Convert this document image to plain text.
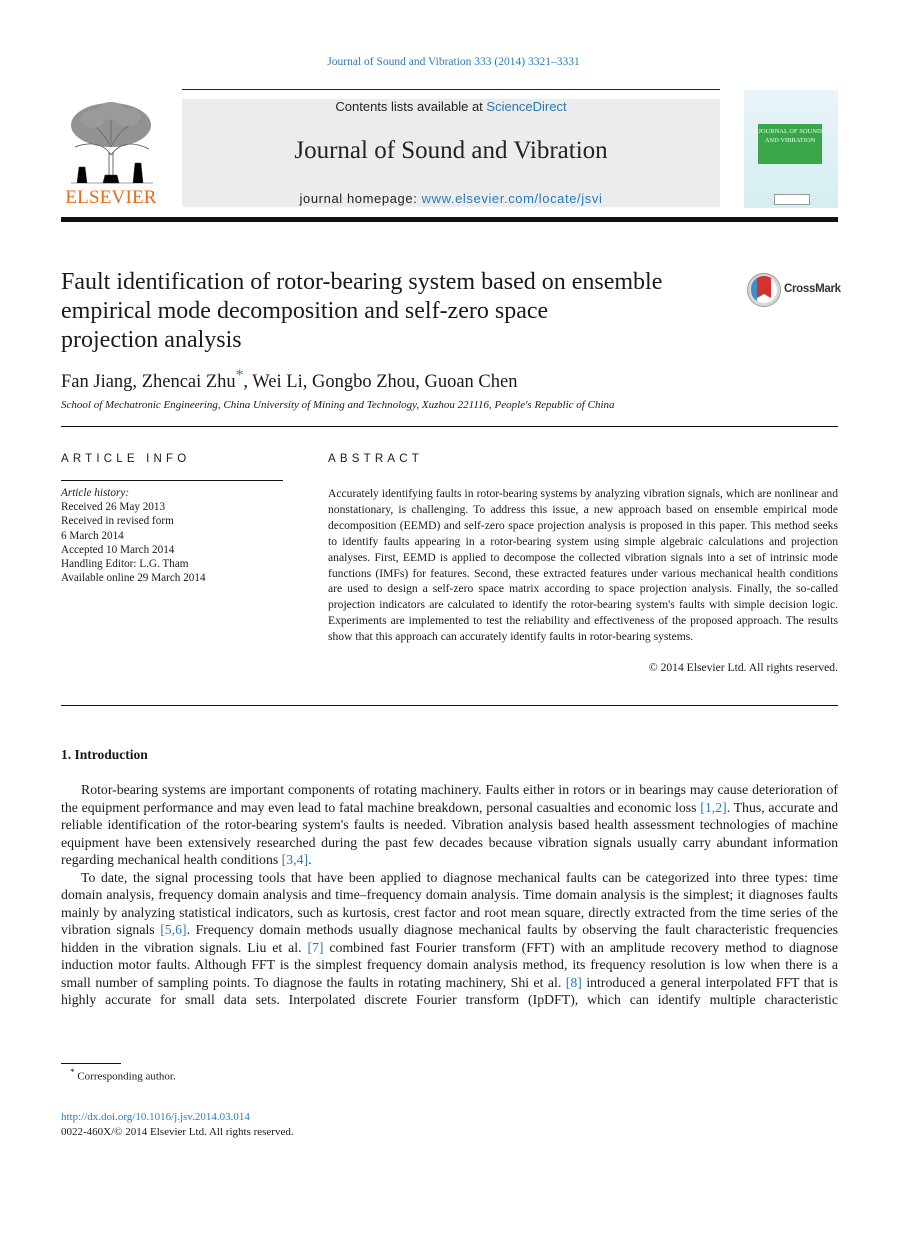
Journal of Sound and Vibration 333 (2014) 3321–3331
ELSEVIER
Contents lists available at ScienceDirect
Journal of Sound and Vibration
journal homepage: www.elsevier.com/locate/jsvi
JOURNAL OF SOUND AND VIBRATION
Fault identification of rotor-bearing system based on ensemble
empirical mode decomposition and self-zero space
projection analysis
CrossMark
Fan Jiang, Zhencai Zhu*, Wei Li, Gongbo Zhou, Guoan Chen
School of Mechatronic Engineering, China University of Mining and Technology, Xuzhou 221116, People's Republic of China
ARTICLE INFO
Article history:
Received 26 May 2013
Received in revised form
6 March 2014
Accepted 10 March 2014
Handling Editor: L.G. Tham
Available online 29 March 2014
ABSTRACT
Accurately identifying faults in rotor-bearing systems by analyzing vibration signals, which are nonlinear and nonstationary, is challenging. To address this issue, a new approach based on ensemble empirical mode decomposition (EEMD) and self-zero space projection analysis is proposed in this paper. This method seeks to identify faults appearing in a rotor-bearing system using simple algebraic calculations and projection analyses. First, EEMD is applied to decompose the collected vibration signals into a set of intrinsic mode functions (IMFs) for features. Second, these extracted features under various mechanical health conditions are used to design a self-zero space matrix according to space projection analysis. Finally, the so-called projection indicators are calculated to identify the rotor-bearing system's faults with simple decision logic. Experiments are implemented to test the reliability and effectiveness of the proposed approach. The results show that this approach can accurately identify faults in rotor-bearing systems.
© 2014 Elsevier Ltd. All rights reserved.
1. Introduction

Rotor-bearing systems are important components of rotating machinery. Faults either in rotors or in bearings may cause deterioration of the equipment performance and may even lead to fatal machine breakdown, personal casualties and economic loss [1,2]. Thus, accurate and reliable identification of the rotor-bearing system's faults is needed. Vibration analysis based health assessment technologies of machine equipment have been extensively researched during the past few decades because vibration signals usually carry abundant information regarding mechanical health conditions [3,4].

To date, the signal processing tools that have been applied to diagnose mechanical faults can be categorized into three types: time domain analysis, frequency domain analysis and time–frequency domain analysis. Time domain analysis is the simplest; it diagnoses faults mainly by analyzing statistical indicators, such as kurtosis, crest factor and root mean square, directly extracted from the time series of the vibration signals [5,6]. Frequency domain methods usually diagnose mechanical faults by observing the fault characteristic frequencies hidden in the vibration signals. Liu et al. [7] combined fast Fourier transform (FFT) with an amplitude recovery method to diagnose induction motor faults. Although FFT is the simplest frequency domain analysis method, its frequency resolution is low when there is a small number of sampling points. To diagnose the faults in rotating machinery, Shi et al. [8] introduced a general interpolated FFT that is highly accurate for small data sets. Interpolated discrete Fourier transform (IpDFT), which can identify multiple characteristic

* Corresponding author.
http://dx.doi.org/10.1016/j.jsv.2014.03.014
0022-460X/© 2014 Elsevier Ltd. All rights reserved.
